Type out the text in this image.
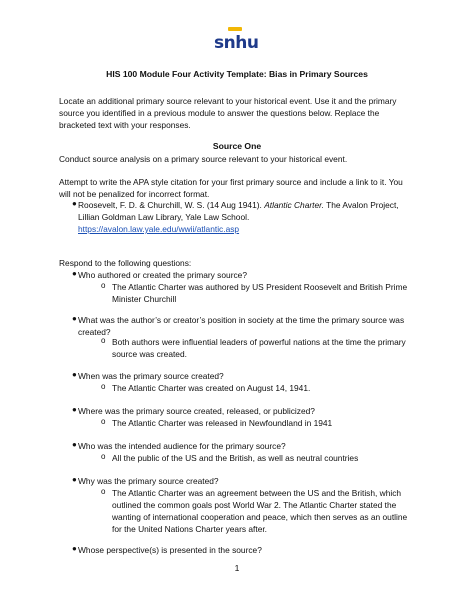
snhu
HIS 100 Module Four Activity Template: Bias in Primary Sources
Locate an additional primary source relevant to your historical event. Use it and the primary source you identified in a previous module to answer the questions below. Replace the bracketed text with your responses.
Source One
Conduct source analysis on a primary source relevant to your historical event.
Attempt to write the APA style citation for your first primary source and include a link to it. You will not be penalized for incorrect format.
● Roosevelt, F. D. & Churchill, W. S. (14 Aug 1941). Atlantic Charter. The Avalon Project, Lillian Goldman Law Library, Yale Law School.
https://avalon.law.yale.edu/wwii/atlantic.asp
Respond to the following questions:
● Who authored or created the primary source?
o The Atlantic Charter was authored by US President Roosevelt and British Prime Minister Churchill
● What was the author’s or creator’s position in society at the time the primary source was created?
o Both authors were influential leaders of powerful nations at the time the primary source was created.
● When was the primary source created?
o The Atlantic Charter was created on August 14, 1941.
● Where was the primary source created, released, or publicized?
o The Atlantic Charter was released in Newfoundland in 1941
● Who was the intended audience for the primary source?
o All the public of the US and the British, as well as neutral countries
● Why was the primary source created?
o The Atlantic Charter was an agreement between the US and the British, which outlined the common goals post World War 2. The Atlantic Charter stated the wanting of international cooperation and peace, which then serves as an outline for the United Nations Charter years after.
● Whose perspective(s) is presented in the source?
1
